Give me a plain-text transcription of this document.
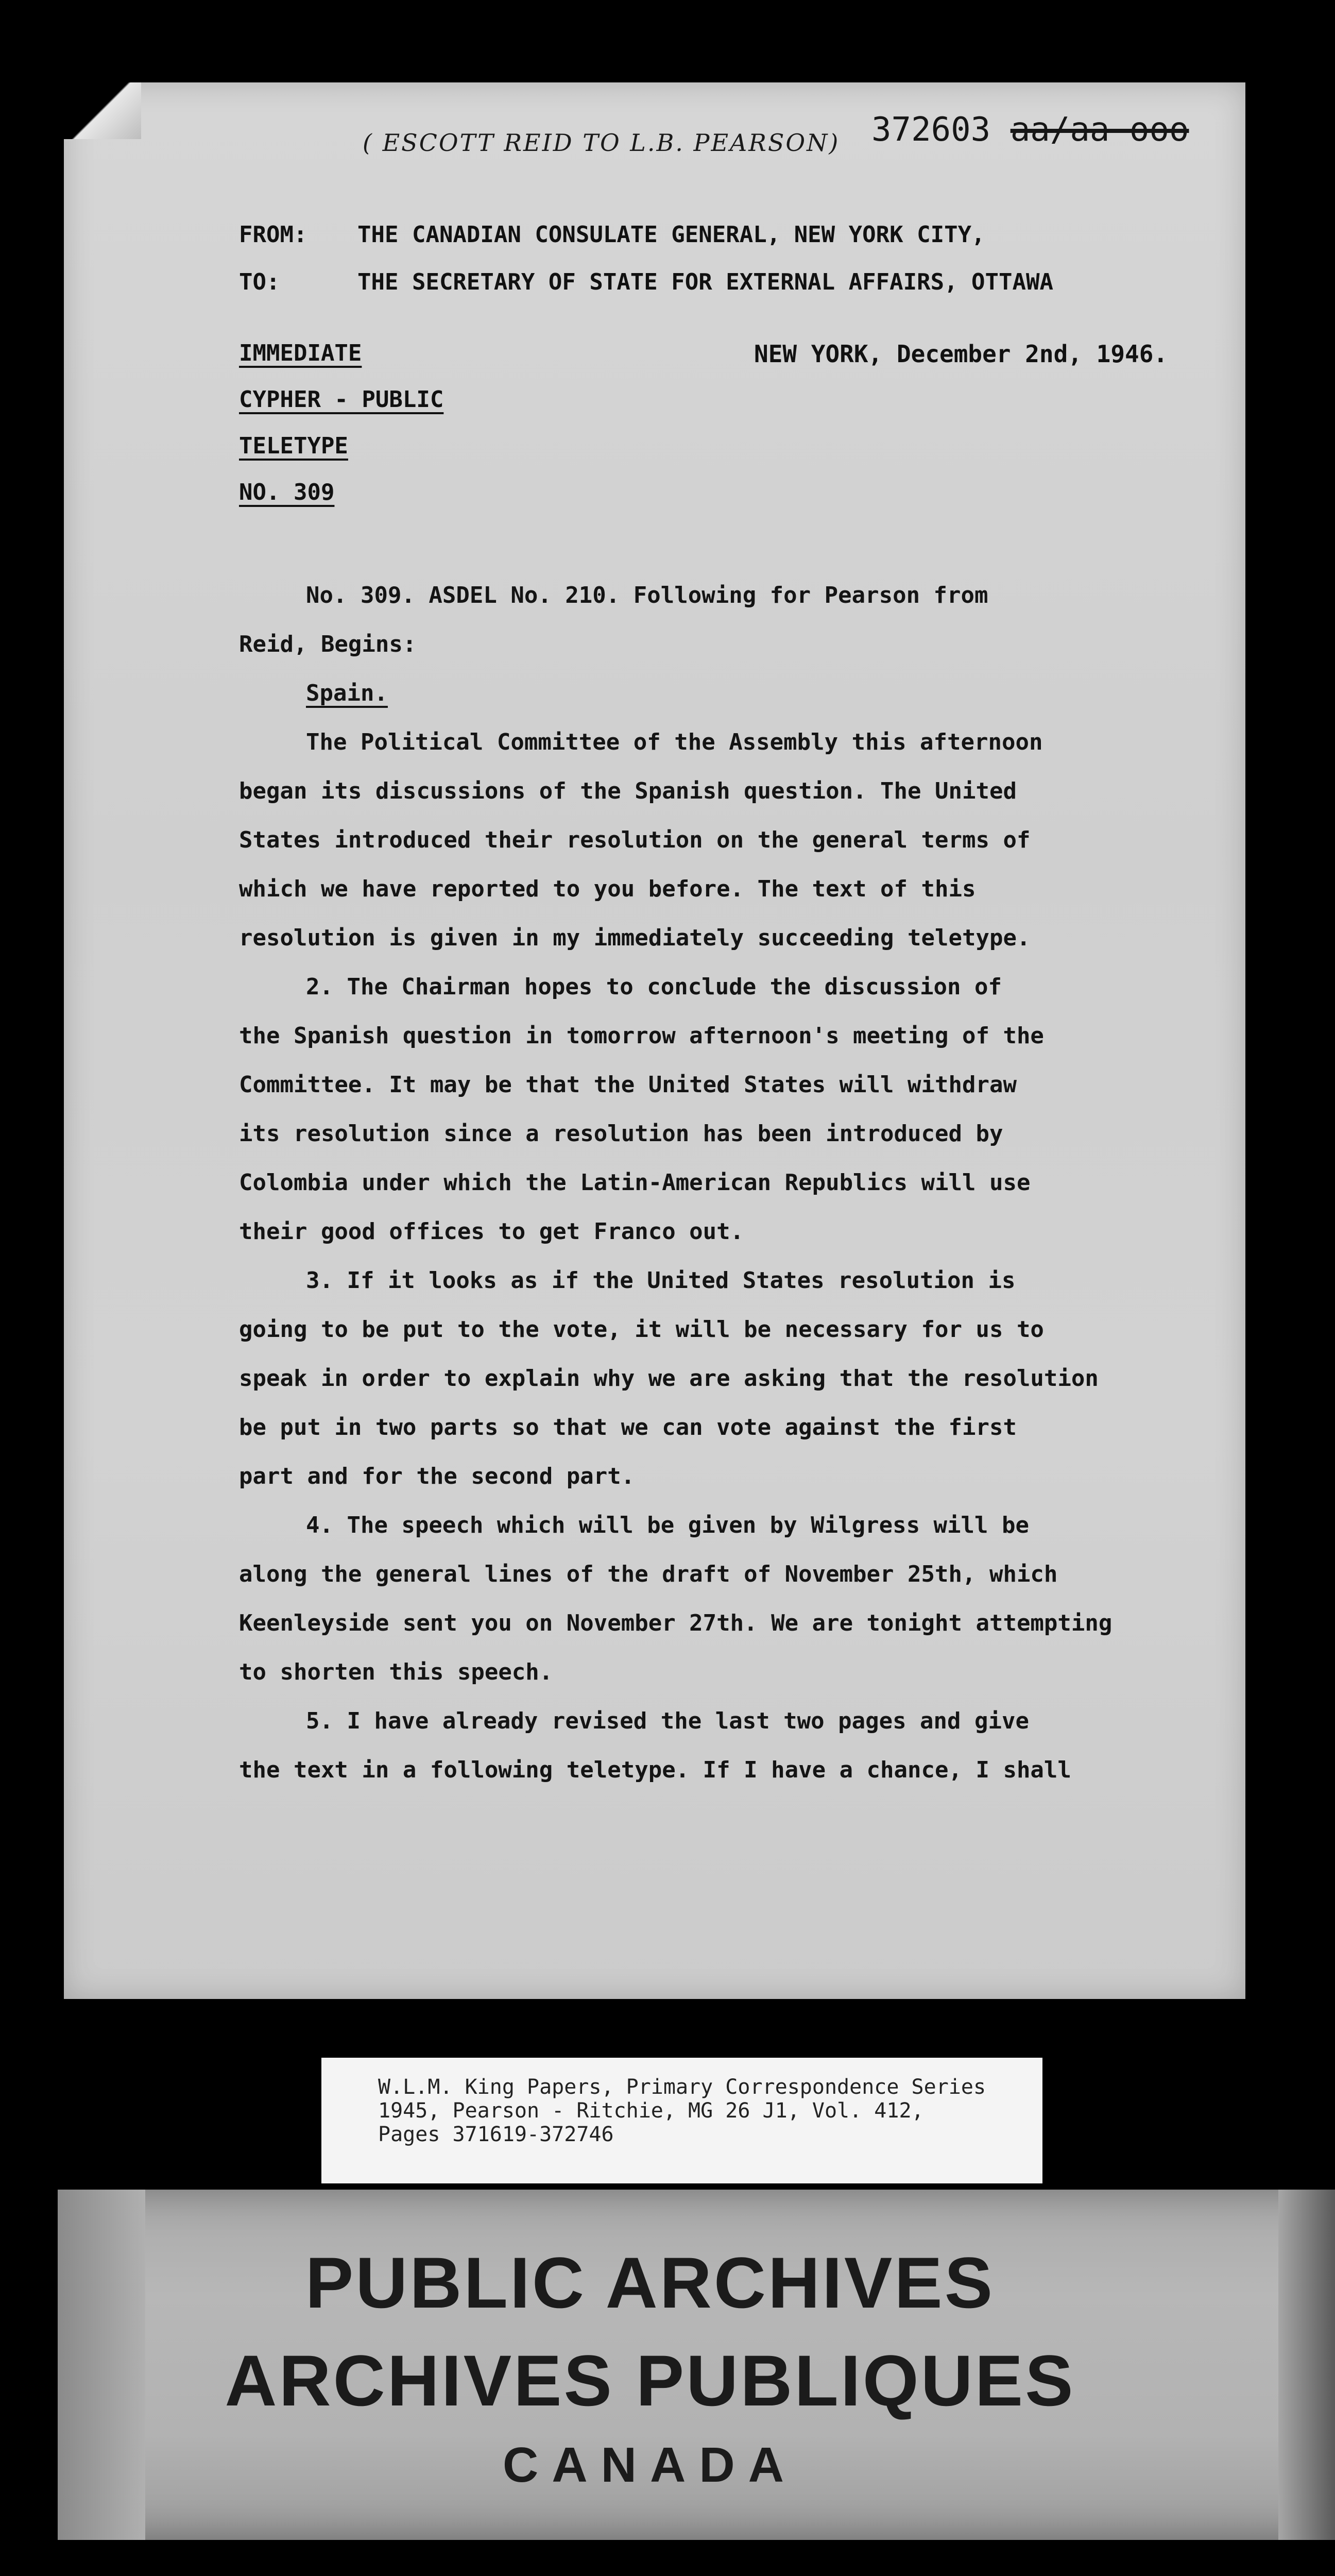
( ESCOTT REID TO L.B. PEARSON) 372603 aa/aa-ooo
FROM: THE CANADIAN CONSULATE GENERAL, NEW YORK CITY,
TO:	THE SECRETARY OF STATE FOR EXTERNAL AFFAIRS, OTTAWA
IMMEDIATE	NEW YORK, December 2nd, 1946.
CYPHER - PUBLIC
TELETYPE
NO. 309
No. 309. ASDEL No. 210. Following for Pearson from
Reid, Begins:
Spain.
The Political Committee of the Assembly this afternoon
began its discussions of the Spanish question. The United
States introduced their resolution on the general terms of
which we have reported to you before. The text of this
resolution is given in my immediately succeeding teletype.
2. The Chairman hopes to conclude the discussion of
the Spanish question in tomorrow afternoon's meeting of the
Committee. It may be that the United States will withdraw
its resolution since a resolution has been introduced by
Colombia under which the Latin-American Republics will use
their good offices to get Franco out.
3. If it looks as if the United States resolution is
going to be put to the vote, it will be necessary for us to
speak in order to explain why we are asking that the resolution
be put in two parts so that we can vote against the first
part and for the second part.
4. The speech which will be given by Wilgress will be
along the general lines of the draft of November 25th, which
Keenleyside sent you on November 27th. We are tonight attempting
to shorten this speech.
5. I have already revised the last two pages and give
the text in a following teletype. If I have a chance, I shall
W.L.M. King Papers, Primary Correspondence Series
1945, Pearson - Ritchie, MG 26 J1, Vol. 412,
Pages 371619-372746
PUBLIC ARCHIVES
ARCHIVES PUBLIQUES
CANADA
